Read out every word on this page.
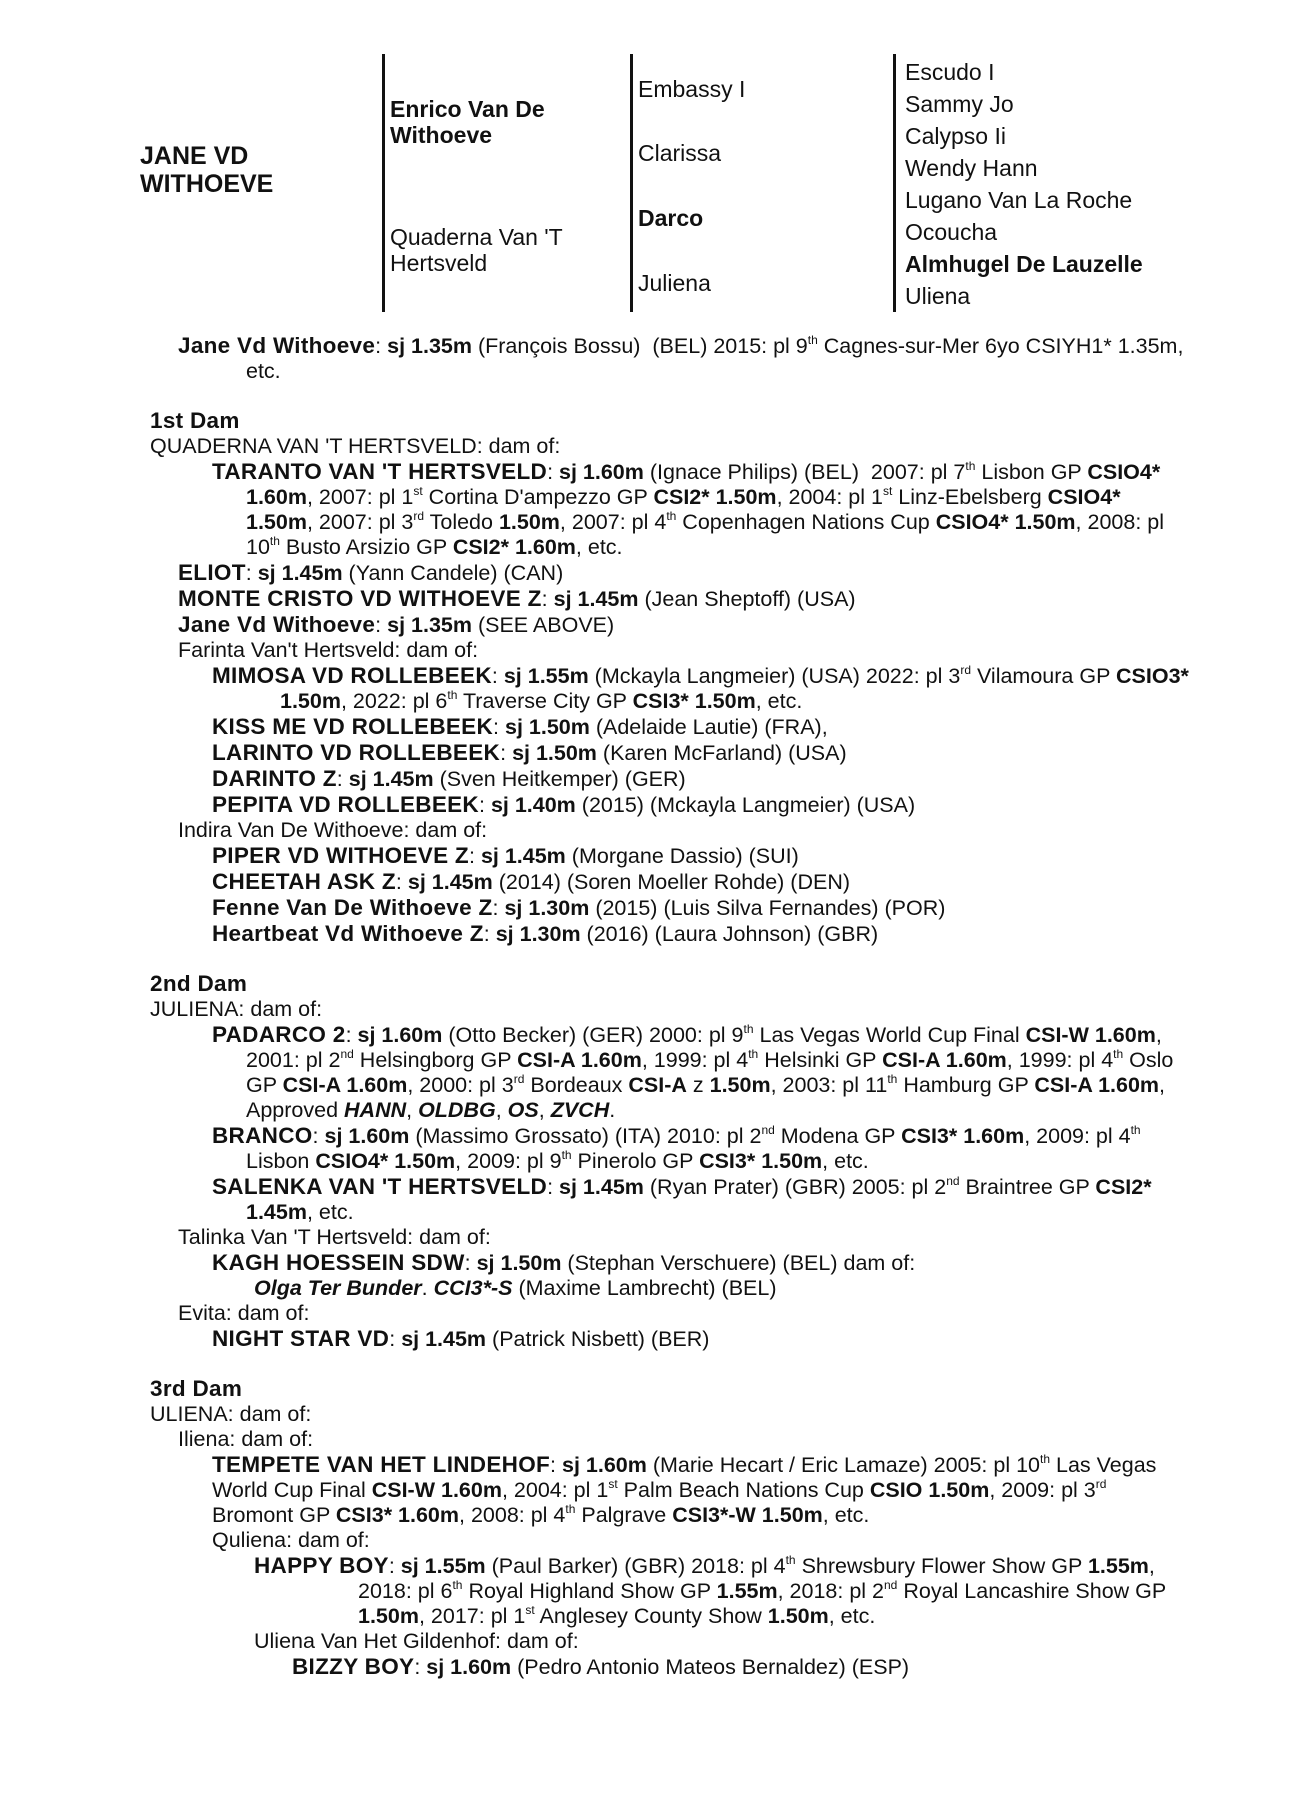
JANE VD
WITHOEVE
Enrico Van De
Withoeve
Quaderna Van 'T
Hertsveld
Embassy I
Clarissa
Darco
Juliena
Escudo I
Sammy Jo
Calypso Ii
Wendy Hann
Lugano Van La Roche
Ocoucha
Almhugel De Lauzelle
Uliena
Jane Vd Withoeve: sj 1.35m (François Bossu)  (BEL) 2015: pl 9th Cagnes-sur-Mer 6yo CSIYH1* 1.35m, etc.
1st Dam
QUADERNA VAN 'T HERTSVELD: dam of:
TARANTO VAN 'T HERTSVELD: sj 1.60m (Ignace Philips) (BEL)  2007: pl 7th Lisbon GP CSIO4* 1.60m, 2007: pl 1st Cortina D'ampezzo GP CSI2* 1.50m, 2004: pl 1st Linz-Ebelsberg CSIO4* 1.50m, 2007: pl 3rd Toledo 1.50m, 2007: pl 4th Copenhagen Nations Cup CSIO4* 1.50m, 2008: pl 10th Busto Arsizio GP CSI2* 1.60m, etc.
ELIOT: sj 1.45m (Yann Candele) (CAN)
MONTE CRISTO VD WITHOEVE Z: sj 1.45m (Jean Sheptoff) (USA)
Jane Vd Withoeve: sj 1.35m (SEE ABOVE)
Farinta Van't Hertsveld: dam of:
MIMOSA VD ROLLEBEEK: sj 1.55m (Mckayla Langmeier) (USA) 2022: pl 3rd Vilamoura GP CSIO3* 1.50m, 2022: pl 6th Traverse City GP CSI3* 1.50m, etc.
KISS ME VD ROLLEBEEK: sj 1.50m (Adelaide Lautie) (FRA),
LARINTO VD ROLLEBEEK: sj 1.50m (Karen McFarland) (USA)
DARINTO Z: sj 1.45m (Sven Heitkemper) (GER)
PEPITA VD ROLLEBEEK: sj 1.40m (2015) (Mckayla Langmeier) (USA)
Indira Van De Withoeve: dam of:
PIPER VD WITHOEVE Z: sj 1.45m (Morgane Dassio) (SUI)
CHEETAH ASK Z: sj 1.45m (2014) (Soren Moeller Rohde) (DEN)
Fenne Van De Withoeve Z: sj 1.30m (2015) (Luis Silva Fernandes) (POR)
Heartbeat Vd Withoeve Z: sj 1.30m (2016) (Laura Johnson) (GBR)
2nd Dam
JULIENA: dam of:
PADARCO 2: sj 1.60m (Otto Becker) (GER) 2000: pl 9th Las Vegas World Cup Final CSI-W 1.60m, 2001: pl 2nd Helsingborg GP CSI-A 1.60m, 1999: pl 4th Helsinki GP CSI-A 1.60m, 1999: pl 4th Oslo GP CSI-A 1.60m, 2000: pl 3rd Bordeaux CSI-A z 1.50m, 2003: pl 11th Hamburg GP CSI-A 1.60m, Approved HANN, OLDBG, OS, ZVCH.
BRANCO: sj 1.60m (Massimo Grossato) (ITA) 2010: pl 2nd Modena GP CSI3* 1.60m, 2009: pl 4th Lisbon CSIO4* 1.50m, 2009: pl 9th Pinerolo GP CSI3* 1.50m, etc.
SALENKA VAN 'T HERTSVELD: sj 1.45m (Ryan Prater) (GBR) 2005: pl 2nd Braintree GP CSI2* 1.45m, etc.
Talinka Van 'T Hertsveld: dam of:
KAGH HOESSEIN SDW: sj 1.50m (Stephan Verschuere) (BEL) dam of:
Olga Ter Bunder. CCI3*-S (Maxime Lambrecht) (BEL)
Evita: dam of:
NIGHT STAR VD: sj 1.45m (Patrick Nisbett) (BER)
3rd Dam
ULIENA: dam of:
Iliena: dam of:
TEMPETE VAN HET LINDEHOF: sj 1.60m (Marie Hecart / Eric Lamaze) 2005: pl 10th Las Vegas World Cup Final CSI-W 1.60m, 2004: pl 1st Palm Beach Nations Cup CSIO 1.50m, 2009: pl 3rd Bromont GP CSI3* 1.60m, 2008: pl 4th Palgrave CSI3*-W 1.50m, etc.
Quliena: dam of:
HAPPY BOY: sj 1.55m (Paul Barker) (GBR) 2018: pl 4th Shrewsbury Flower Show GP 1.55m, 2018: pl 6th Royal Highland Show GP 1.55m, 2018: pl 2nd Royal Lancashire Show GP 1.50m, 2017: pl 1st Anglesey County Show 1.50m, etc.
Uliena Van Het Gildenhof: dam of:
BIZZY BOY: sj 1.60m (Pedro Antonio Mateos Bernaldez) (ESP)
